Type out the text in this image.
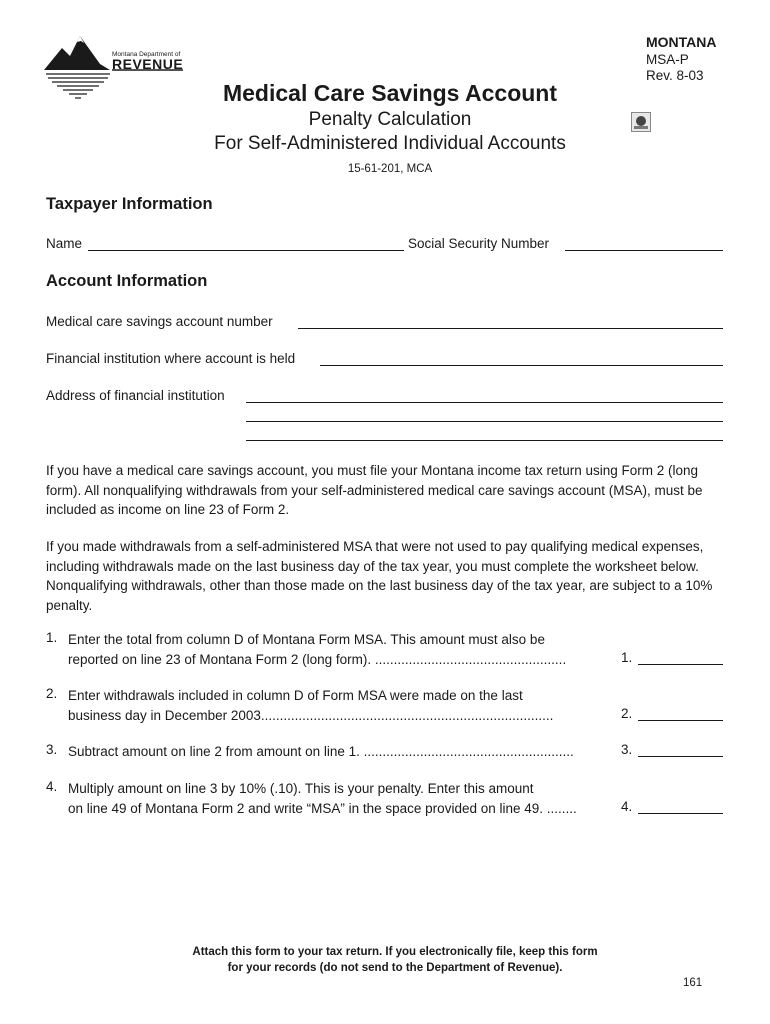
MONTANA
MSA-P
Rev. 8-03
Montana Department of
REVENUE
Medical Care Savings Account
Penalty Calculation
For Self-Administered Individual Accounts
15-61-201, MCA
Taxpayer Information
Name	Social Security Number
Account Information
Medical care savings account number
Financial institution where account is held
Address of financial institution
If you have a medical care savings account, you must file your Montana income tax return using Form 2 (long form). All nonqualifying withdrawals from your self-administered medical care savings account (MSA), must be included as income on line 23 of Form 2.
If you made withdrawals from a self-administered MSA that were not used to pay qualifying medical expenses, including withdrawals made on the last business day of the tax year, you must complete the worksheet below. Nonqualifying withdrawals, other than those made on the last business day of the tax year, are subject to a 10% penalty.
1. Enter the total from column D of Montana Form MSA. This amount must also be
reported on line 23 of Montana Form 2 (long form). ...................................................	1.
2. Enter withdrawals included in column D of Form MSA were made on the last
business day in December 2003..............................................................................	2.
3. Subtract amount on line 2 from amount on line 1. ........................................................	3.
4. Multiply amount on line 3 by 10% (.10). This is your penalty. Enter this amount
on line 49 of Montana Form 2 and write “MSA” in the space provided on line 49. ........	4.
Attach this form to your tax return. If you electronically file, keep this form
for your records (do not send to the Department of Revenue).
161
